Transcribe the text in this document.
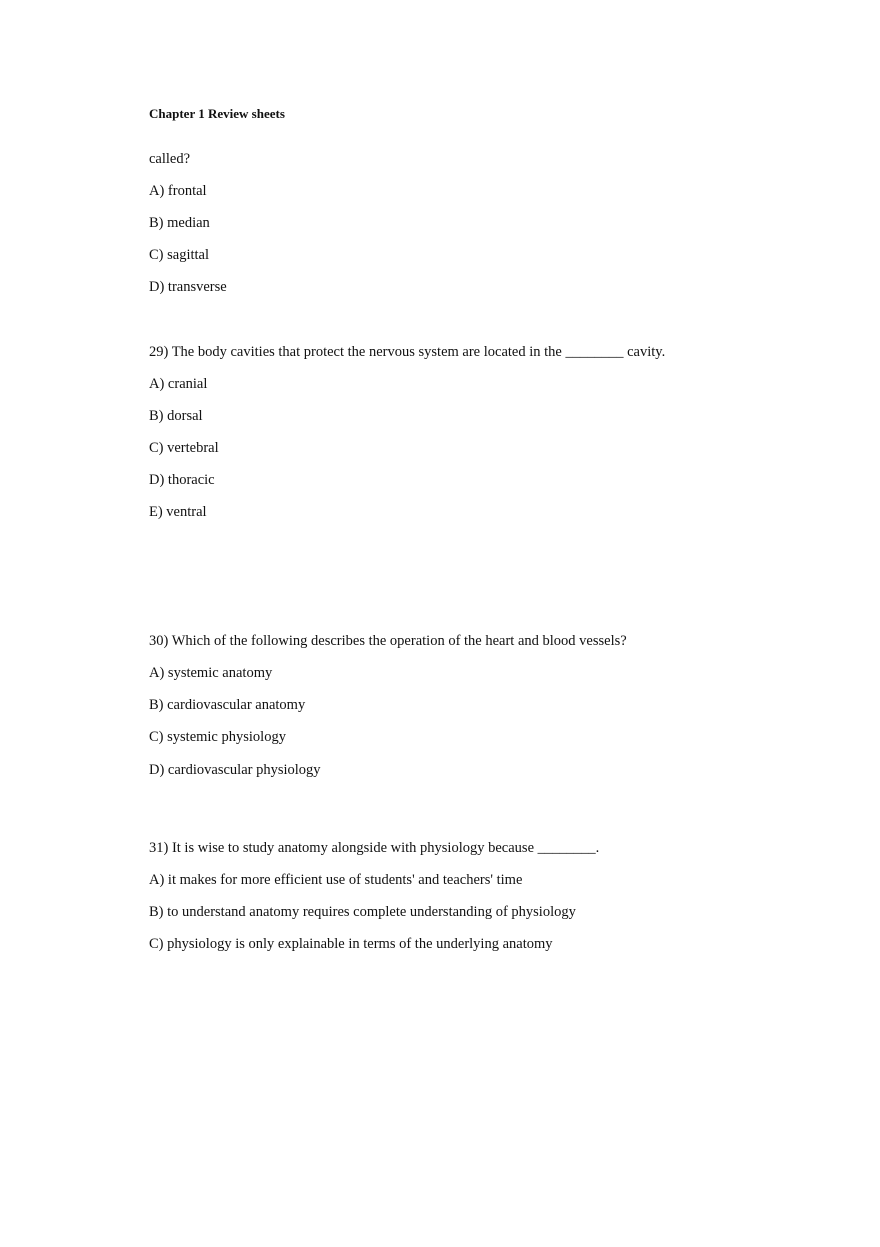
Chapter 1 Review sheets
called?
A) frontal
B) median
C) sagittal
D) transverse
29) The body cavities that protect the nervous system are located in the ________ cavity.
A) cranial
B) dorsal
C) vertebral
D) thoracic
E) ventral
30) Which of the following describes the operation of the heart and blood vessels?
A) systemic anatomy
B) cardiovascular anatomy
C) systemic physiology
D) cardiovascular physiology
31) It is wise to study anatomy alongside with physiology because ________.
A) it makes for more efficient use of students' and teachers' time
B) to understand anatomy requires complete understanding of physiology
C) physiology is only explainable in terms of the underlying anatomy
